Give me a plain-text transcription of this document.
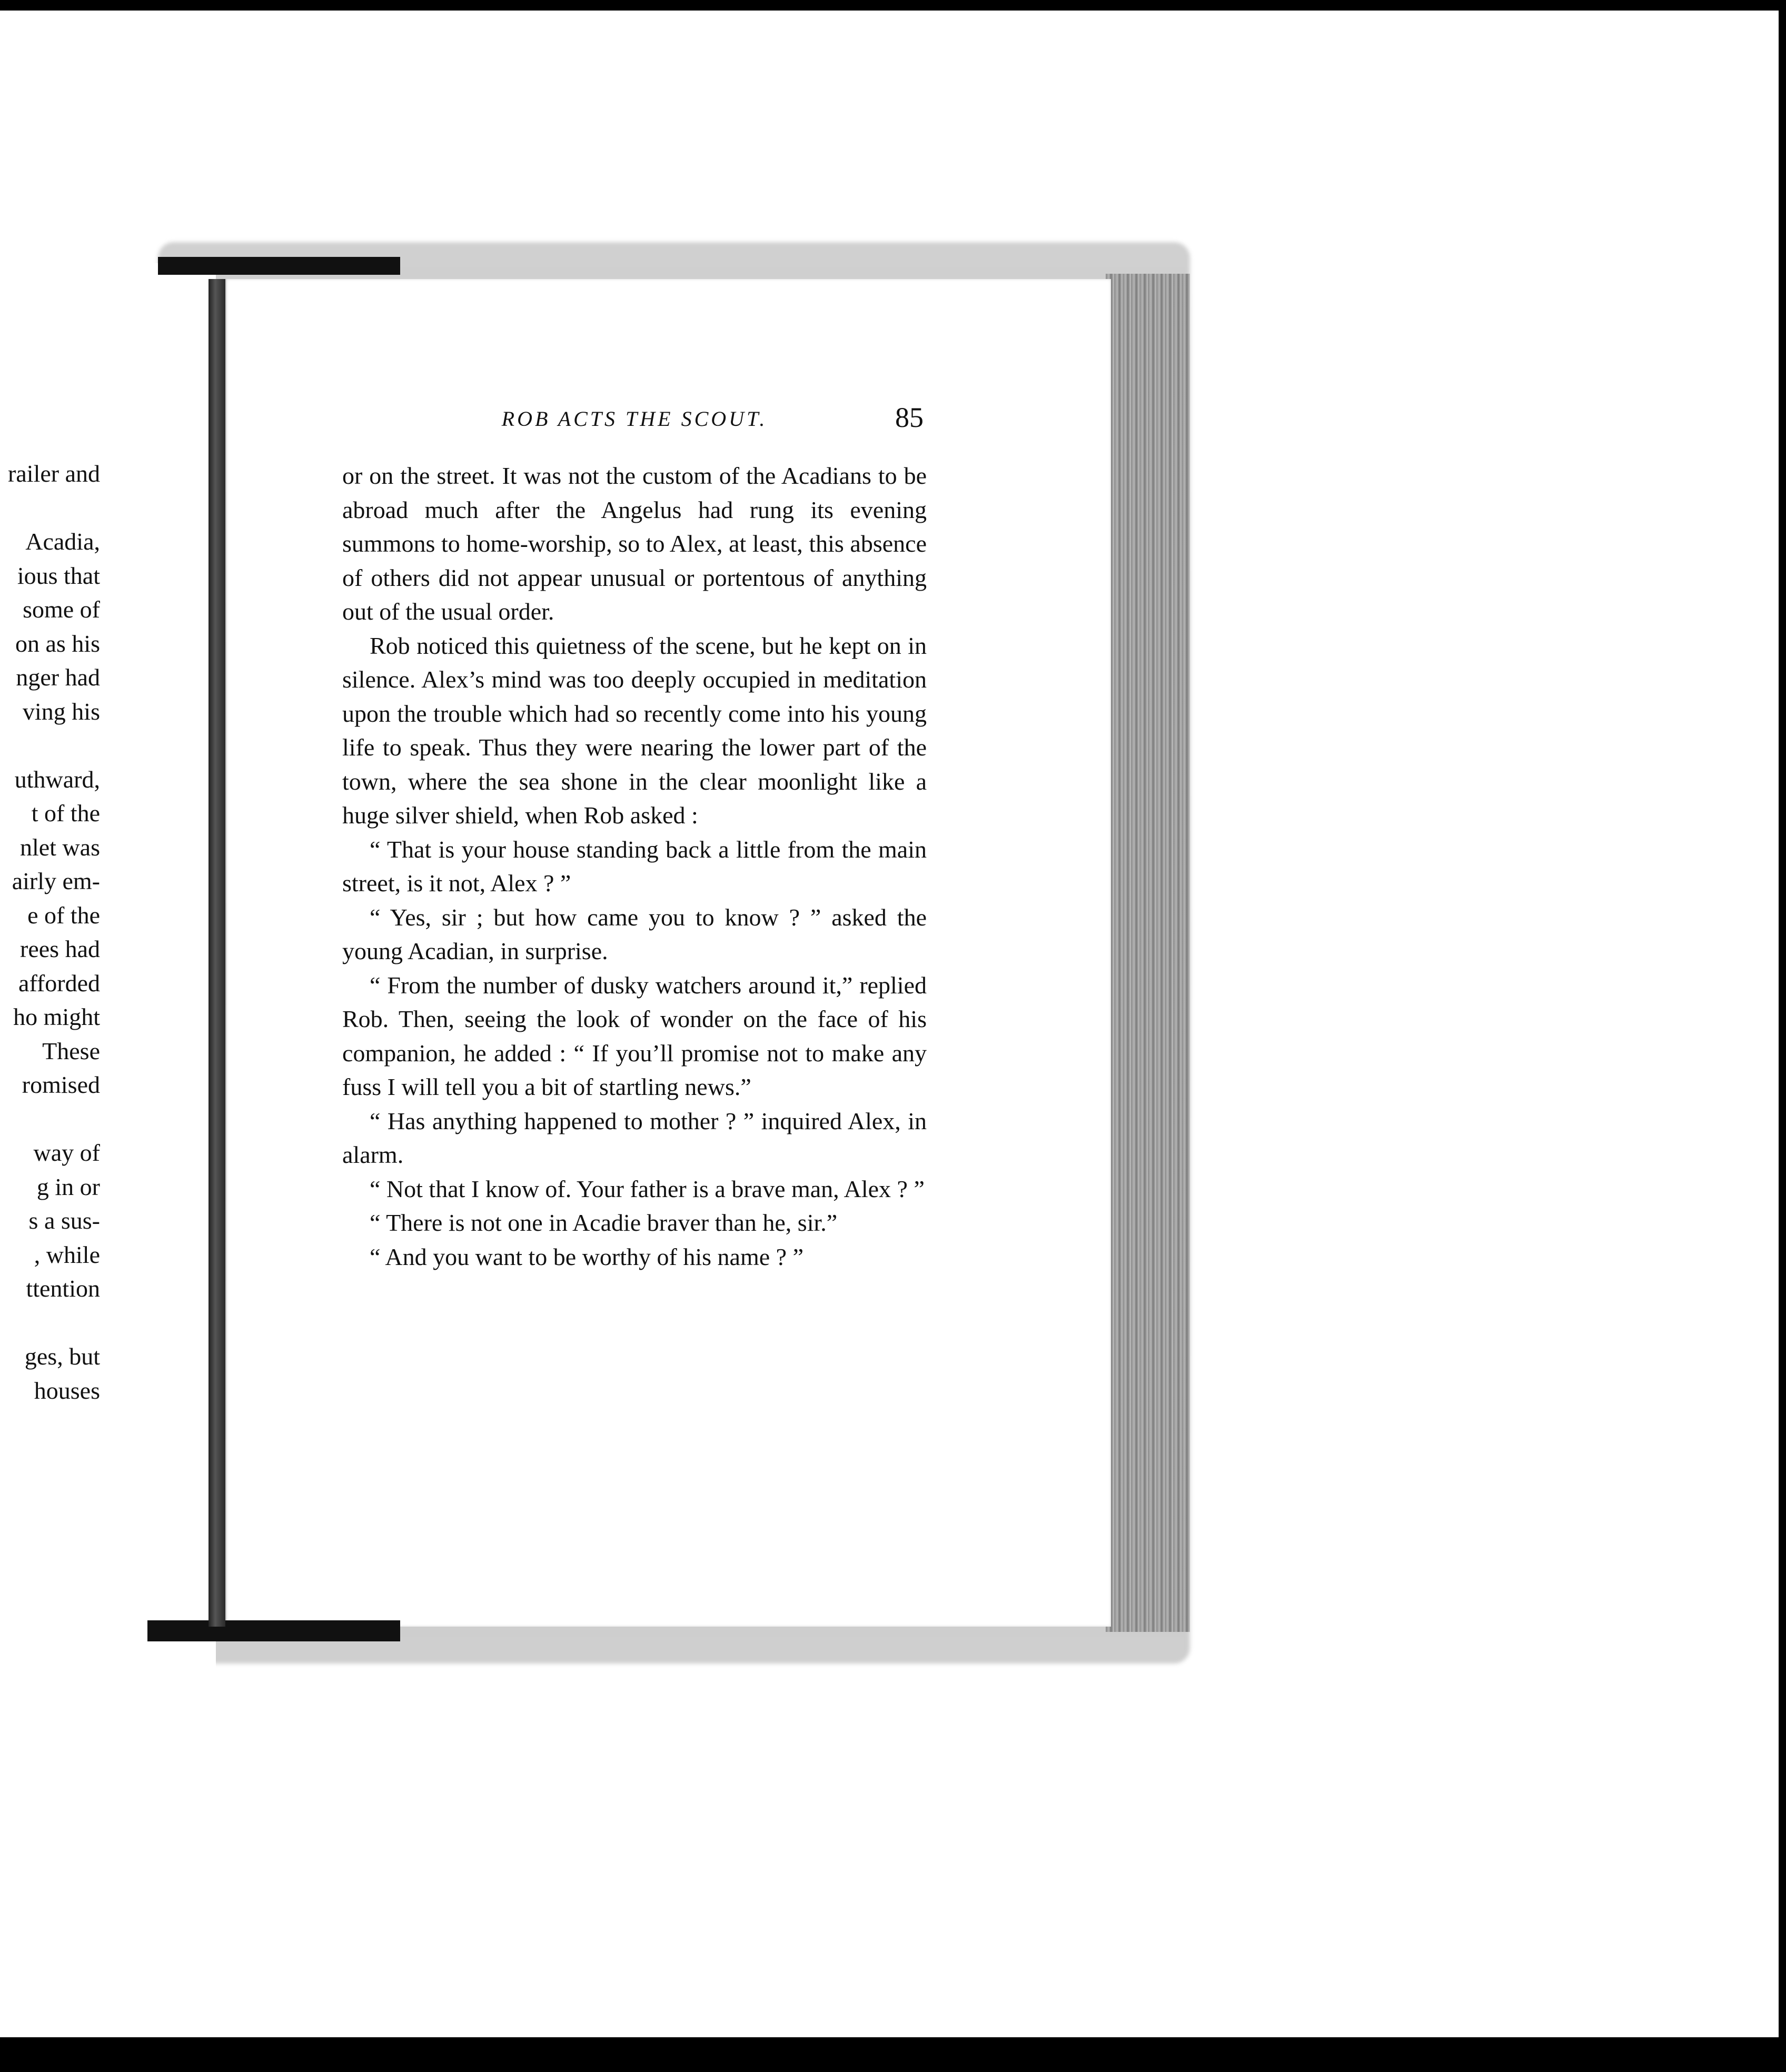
railer and
Acadia,
ious that
some of
on as his
nger had
ving his
uthward,
t of the
nlet was
airly em-
e of the
rees had
afforded
ho might
These
romised
way of
g in or
s a sus-
, while
ttention
ges, but
houses
ROB ACTS THE SCOUT.	85

or on the street. It was not the custom of the Acadians to be abroad much after the Angelus had rung its evening summons to home-worship, so to Alex, at least, this absence of others did not appear unusual or portentous of anything out of the usual order.

Rob noticed this quietness of the scene, but he kept on in silence. Alex’s mind was too deeply occupied in meditation upon the trouble which had so recently come into his young life to speak. Thus they were nearing the lower part of the town, where the sea shone in the clear moonlight like a huge silver shield, when Rob asked :

“ That is your house standing back a little from the main street, is it not, Alex ? ”

“ Yes, sir ; but how came you to know ? ” asked the young Acadian, in surprise.

“ From the number of dusky watchers around it,” replied Rob. Then, seeing the look of wonder on the face of his companion, he added : “ If you’ll promise not to make any fuss I will tell you a bit of startling news.”

“ Has anything happened to mother ? ” inquired Alex, in alarm.

“ Not that I know of. Your father is a brave man, Alex ? ”

“ There is not one in Acadie braver than he, sir.”

“ And you want to be worthy of his name ? ”
